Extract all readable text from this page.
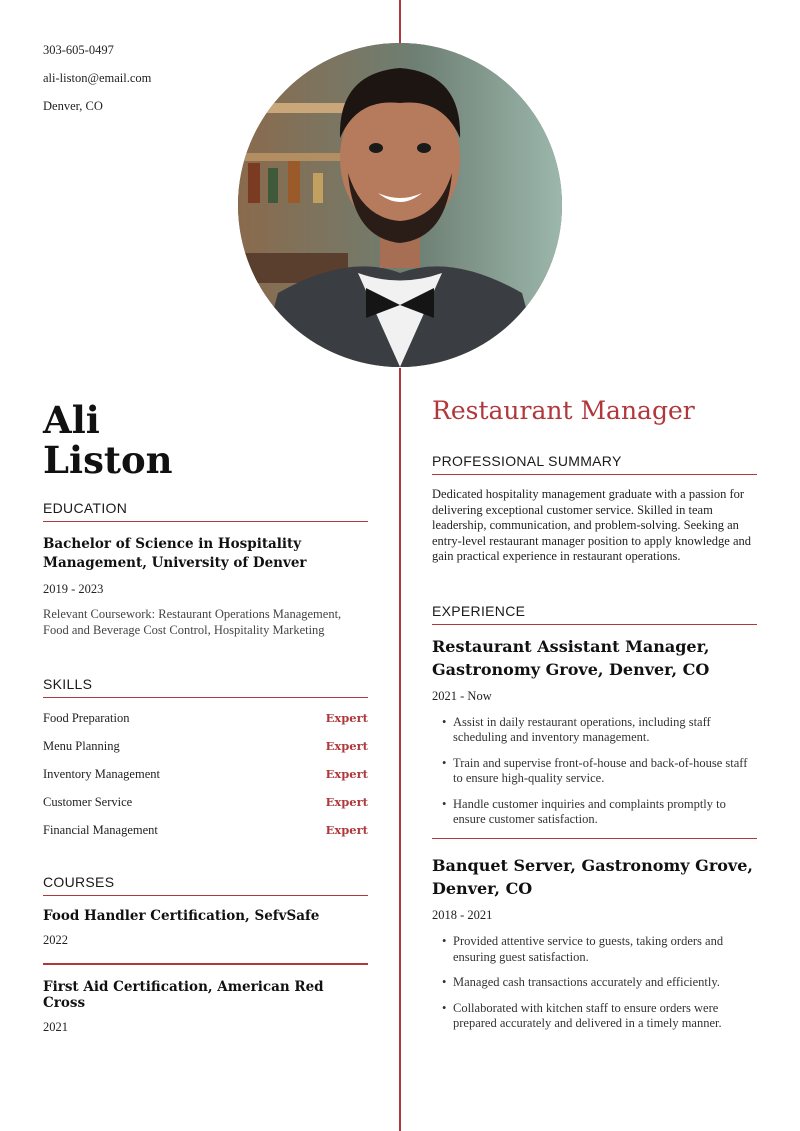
303-605-0497
ali-liston@email.com
Denver, CO
Ali
Liston
EDUCATION
Bachelor of Science in Hospitality Management, University of Denver
2019 - 2023
Relevant Coursework: Restaurant Operations Management, Food and Beverage Cost Control, Hospitality Marketing
SKILLS
Food Preparation	Expert
Menu Planning	Expert
Inventory Management	Expert
Customer Service	Expert
Financial Management	Expert
COURSES
Food Handler Certification, SefvSafe
2022
First Aid Certification, American Red Cross
2021
Restaurant Manager
PROFESSIONAL SUMMARY
Dedicated hospitality management graduate with a passion for delivering exceptional customer service. Skilled in team leadership, communication, and problem-solving. Seeking an entry-level restaurant manager position to apply knowledge and gain practical experience in restaurant operations.
EXPERIENCE
Restaurant Assistant Manager, Gastronomy Grove, Denver, CO
2021 - Now
• Assist in daily restaurant operations, including staff scheduling and inventory management.
• Train and supervise front-of-house and back-of-house staff to ensure high-quality service.
• Handle customer inquiries and complaints promptly to ensure customer satisfaction.
Banquet Server, Gastronomy Grove, Denver, CO
2018 - 2021
• Provided attentive service to guests, taking orders and ensuring guest satisfaction.
• Managed cash transactions accurately and efficiently.
• Collaborated with kitchen staff to ensure orders were prepared accurately and delivered in a timely manner.
